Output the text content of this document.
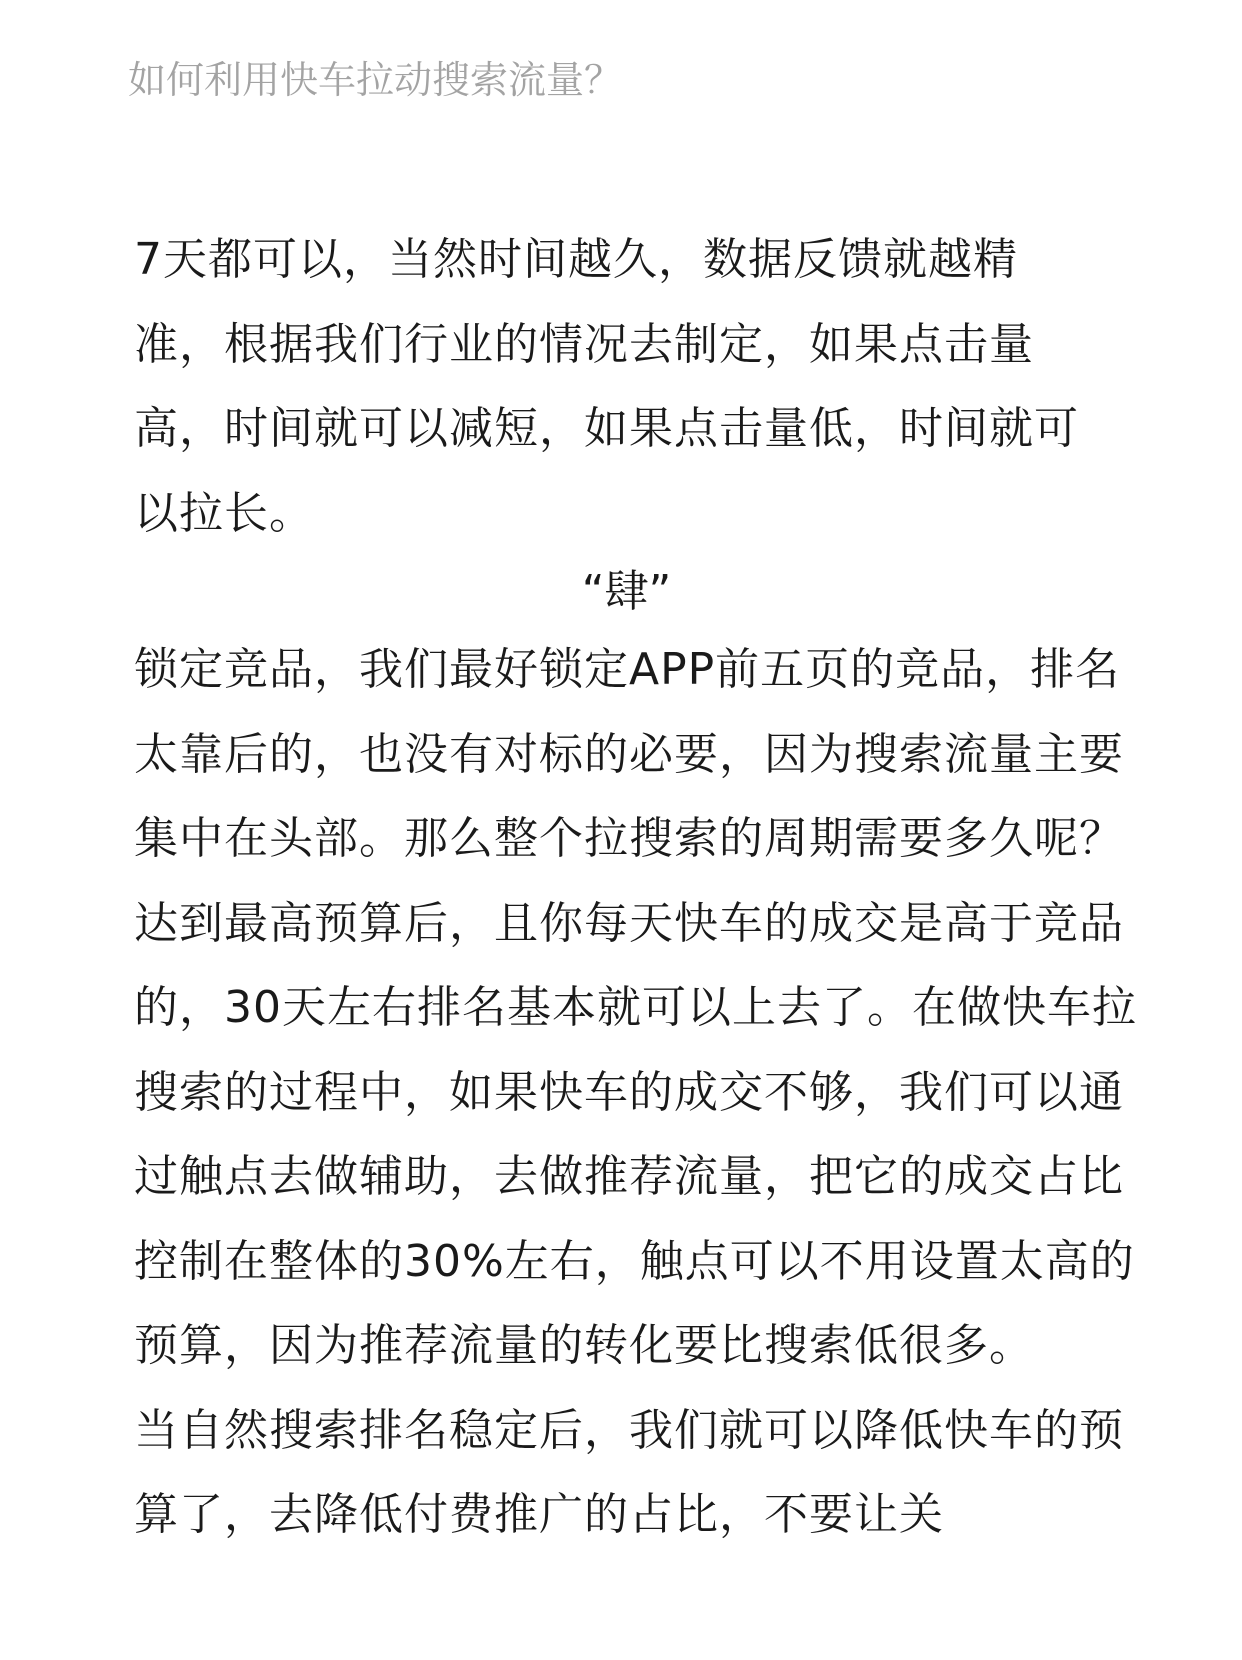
如何利用快车拉动搜索流量？

7天都可以，当然时间越久，数据反馈就越精准，根据我们行业的情况去制定，如果点击量高，时间就可以减短，如果点击量低，时间就可以拉长。

“肆”

锁定竞品，我们最好锁定APP前五页的竞品，排名太靠后的，也没有对标的必要，因为搜索流量主要集中在头部。那么整个拉搜索的周期需要多久呢？达到最高预算后，且你每天快车的成交是高于竞品的，30天左右排名基本就可以上去了。在做快车拉搜索的过程中，如果快车的成交不够，我们可以通过触点去做辅助，去做推荐流量，把它的成交占比控制在整体的30%左右，触点可以不用设置太高的预算，因为推荐流量的转化要比搜索低很多。

当自然搜索排名稳定后，我们就可以降低快车的预算了，去降低付费推广的占比，不要让关
